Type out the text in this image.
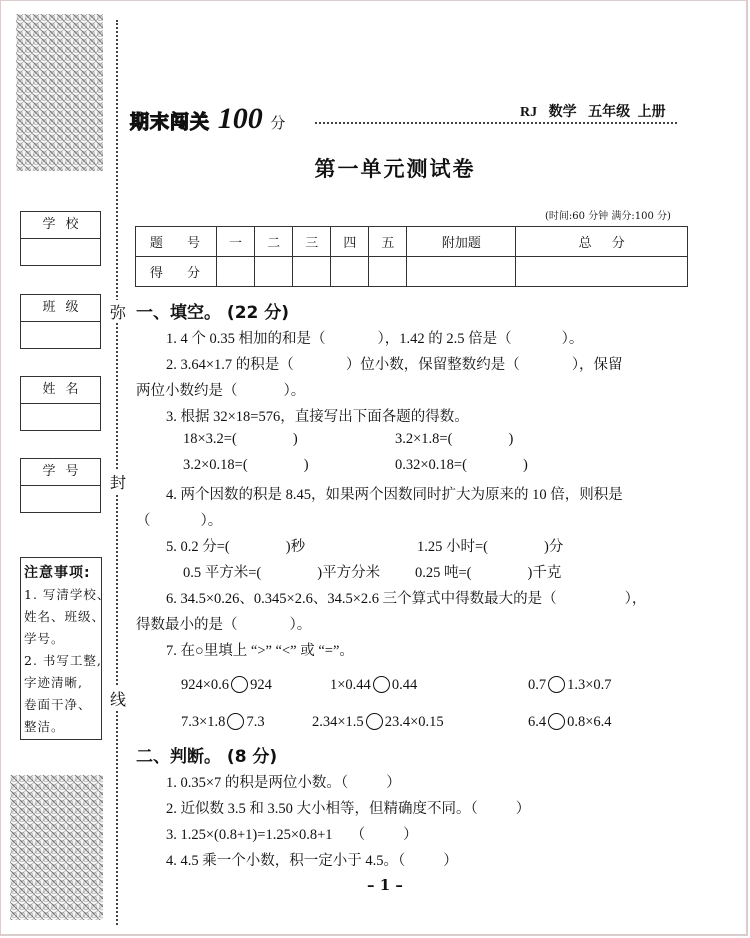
弥
封
线
学校
班级
姓名
学号
注意事项:
1. 写清学校、
姓名、班级、
学号。
2. 书写工整,
字迹清晰,
卷面干净、
整洁。
期末闯关 100 分
RJ 数学 五年级 上册
第一单元测试卷
(时间:60 分钟 满分:100 分)
题 号	一	二	三	四	五	附加题	总 分
得 分							
一、填空。 (22 分)
1. 4 个 0.35 相加的和是（	），1.42 的 2.5 倍是（	）。
2. 3.64×1.7 的积是（	）位小数，保留整数约是（	），保留
两位小数约是（	）。
3. 根据 32×18=576，直接写出下面各题的得数。
18×3.2=(	)	3.2×1.8=(	)
3.2×0.18=(	)	0.32×0.18=(	)
4. 两个因数的积是 8.45，如果两个因数同时扩大为原来的 10 倍，则积是
（	）。
5. 0.2 分=(	)秒	1.25 小时=(	)分
0.5 平方米=(	)平方分米 0.25 吨=(	)千克
6. 34.5×0.26、0.345×2.6、34.5×2.6 三个算式中得数最大的是（	），
得数最小的是（	）。
7. 在○里填上 “>” “<” 或 “=”。
924×0.6 924	1×0.44 0.44	0.7 1.3×0.7
7.3×1.8 7.3	2.34×1.5 23.4×0.15	6.4 0.8×6.4
二、判断。 (8 分)
1. 0.35×7 的积是两位小数。（	）
2. 近似数 3.5 和 3.50 大小相等，但精确度不同。（	）
3. 1.25×(0.8+1)=1.25×0.8+1　 （	）
4. 4.5 乘一个小数，积一定小于 4.5。（	）
– 1 –
